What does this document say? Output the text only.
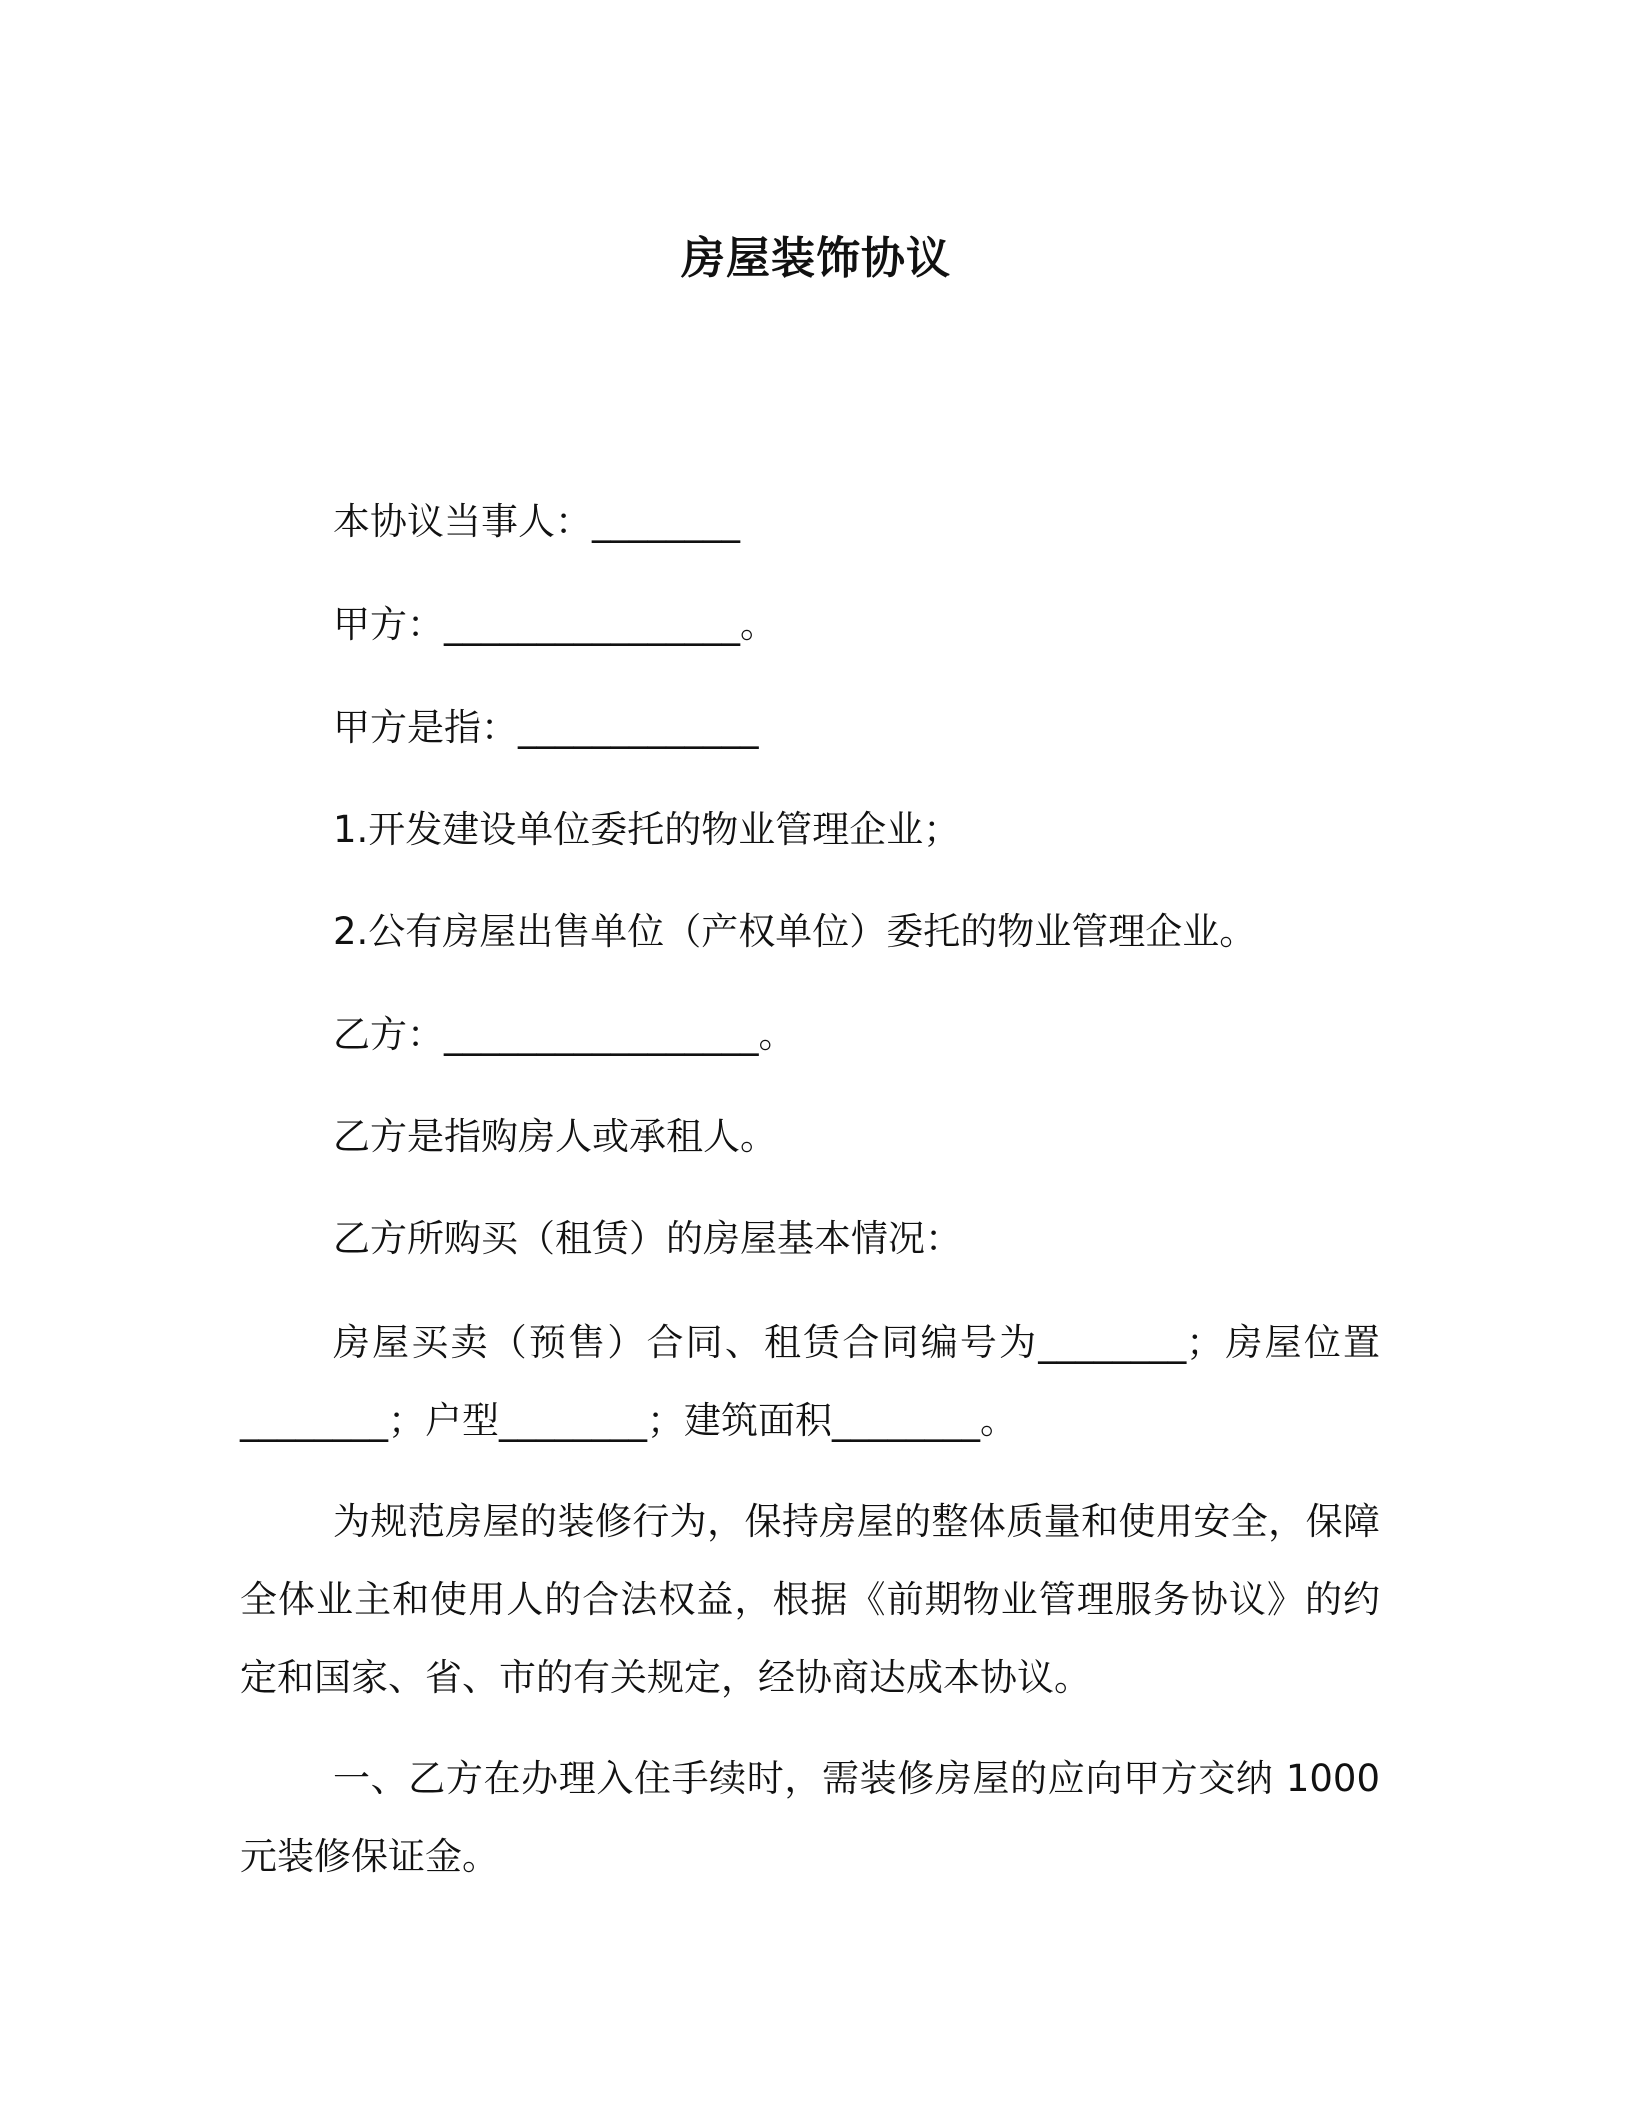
房屋装饰协议
本协议当事人：________
甲方：________________。
甲方是指：_____________
1.开发建设单位委托的物业管理企业；
2.公有房屋出售单位（产权单位）委托的物业管理企业。
乙方：_________________。
乙方是指购房人或承租人。
乙方所购买（租赁）的房屋基本情况：
房屋买卖（预售）合同、租赁合同编号为________；房屋位置________；户型________；建筑面积________。
为规范房屋的装修行为，保持房屋的整体质量和使用安全，保障全体业主和使用人的合法权益，根据《前期物业管理服务协议》的约定和国家、省、市的有关规定，经协商达成本协议。
一、乙方在办理入住手续时，需装修房屋的应向甲方交纳 1000 元装修保证金。
